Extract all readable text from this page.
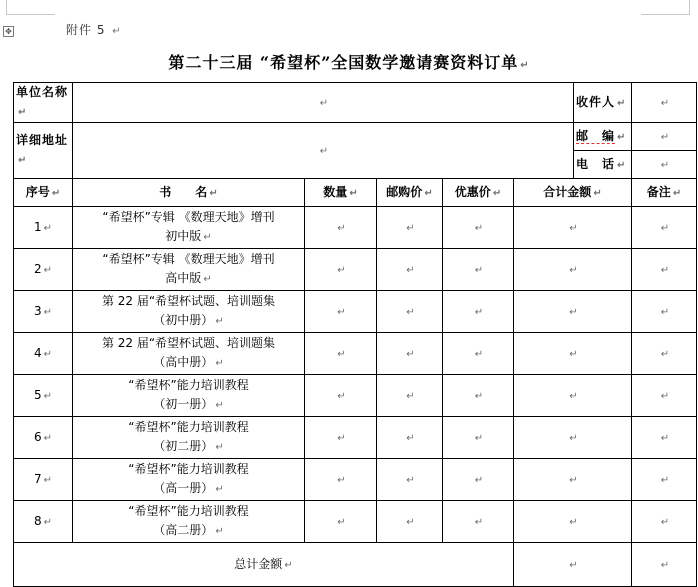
✥	附件 5 ↵
第二十三届 “希望杯”全国数学邀请赛资料订单 ↵
单位名称↵	↵					收件人 ↵	↵
详细地址↵	↵					邮　编 ↵	↵
						电　话 ↵	↵
序号 ↵	书　　名 ↵	数量 ↵	邮购价 ↵	优惠价 ↵	合计金额 ↵		备注 ↵
1 ↵	“希望杯”专辑 《数理天地》增刊
初中版 ↵	↵	↵	↵	↵		↵
2 ↵	“希望杯”专辑 《数理天地》增刊
高中版 ↵	↵	↵	↵	↵		↵
3 ↵	第 22 届“希望杯试题、培训题集
（初中册） ↵	↵	↵	↵	↵		↵
4 ↵	第 22 届“希望杯试题、培训题集
（高中册） ↵	↵	↵	↵	↵		↵
5 ↵	“希望杯”能力培训教程
（初一册） ↵	↵	↵	↵	↵		↵
6 ↵	“希望杯”能力培训教程
（初二册） ↵	↵	↵	↵	↵		↵
7 ↵	“希望杯”能力培训教程
（高一册） ↵	↵	↵	↵	↵		↵
8 ↵	“希望杯”能力培训教程
（高二册） ↵	↵	↵	↵	↵		↵
总计金额 ↵					↵		↵
